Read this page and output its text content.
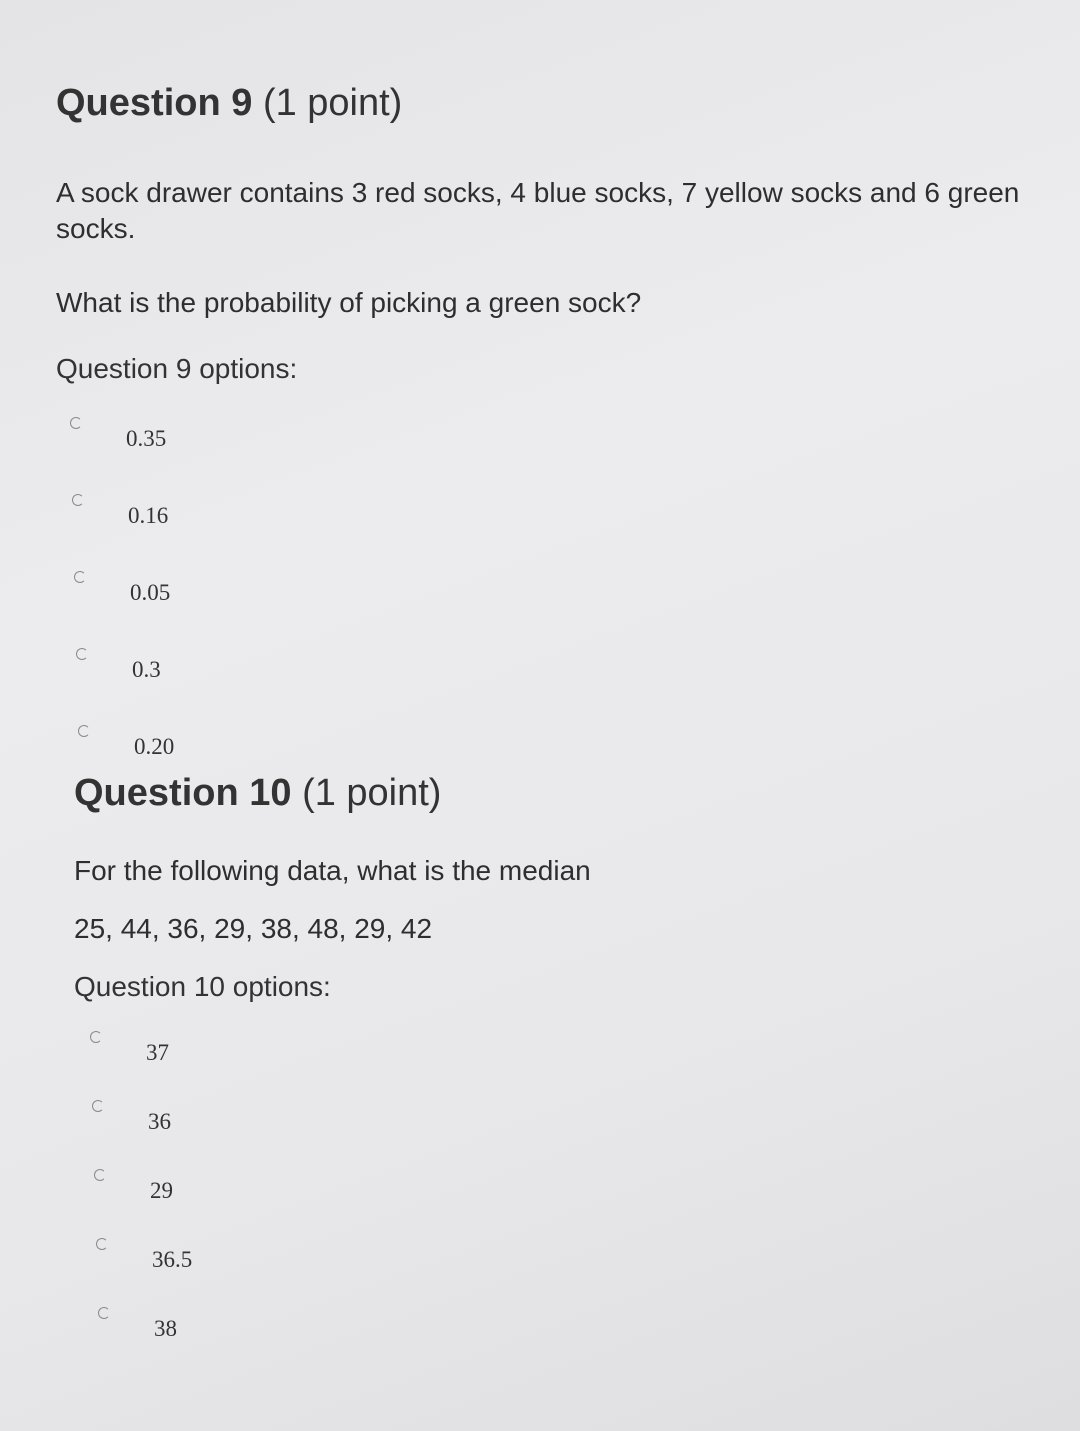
Question 9 (1 point)

A sock drawer contains 3 red socks, 4 blue socks, 7 yellow socks and 6 green socks.

What is the probability of picking a green sock?

Question 9 options:

0.35
0.16
0.05
0.3
0.20
Question 10 (1 point)

For the following data, what is the median

25, 44, 36, 29, 38, 48, 29, 42

Question 10 options:

37
36
29
36.5
38
